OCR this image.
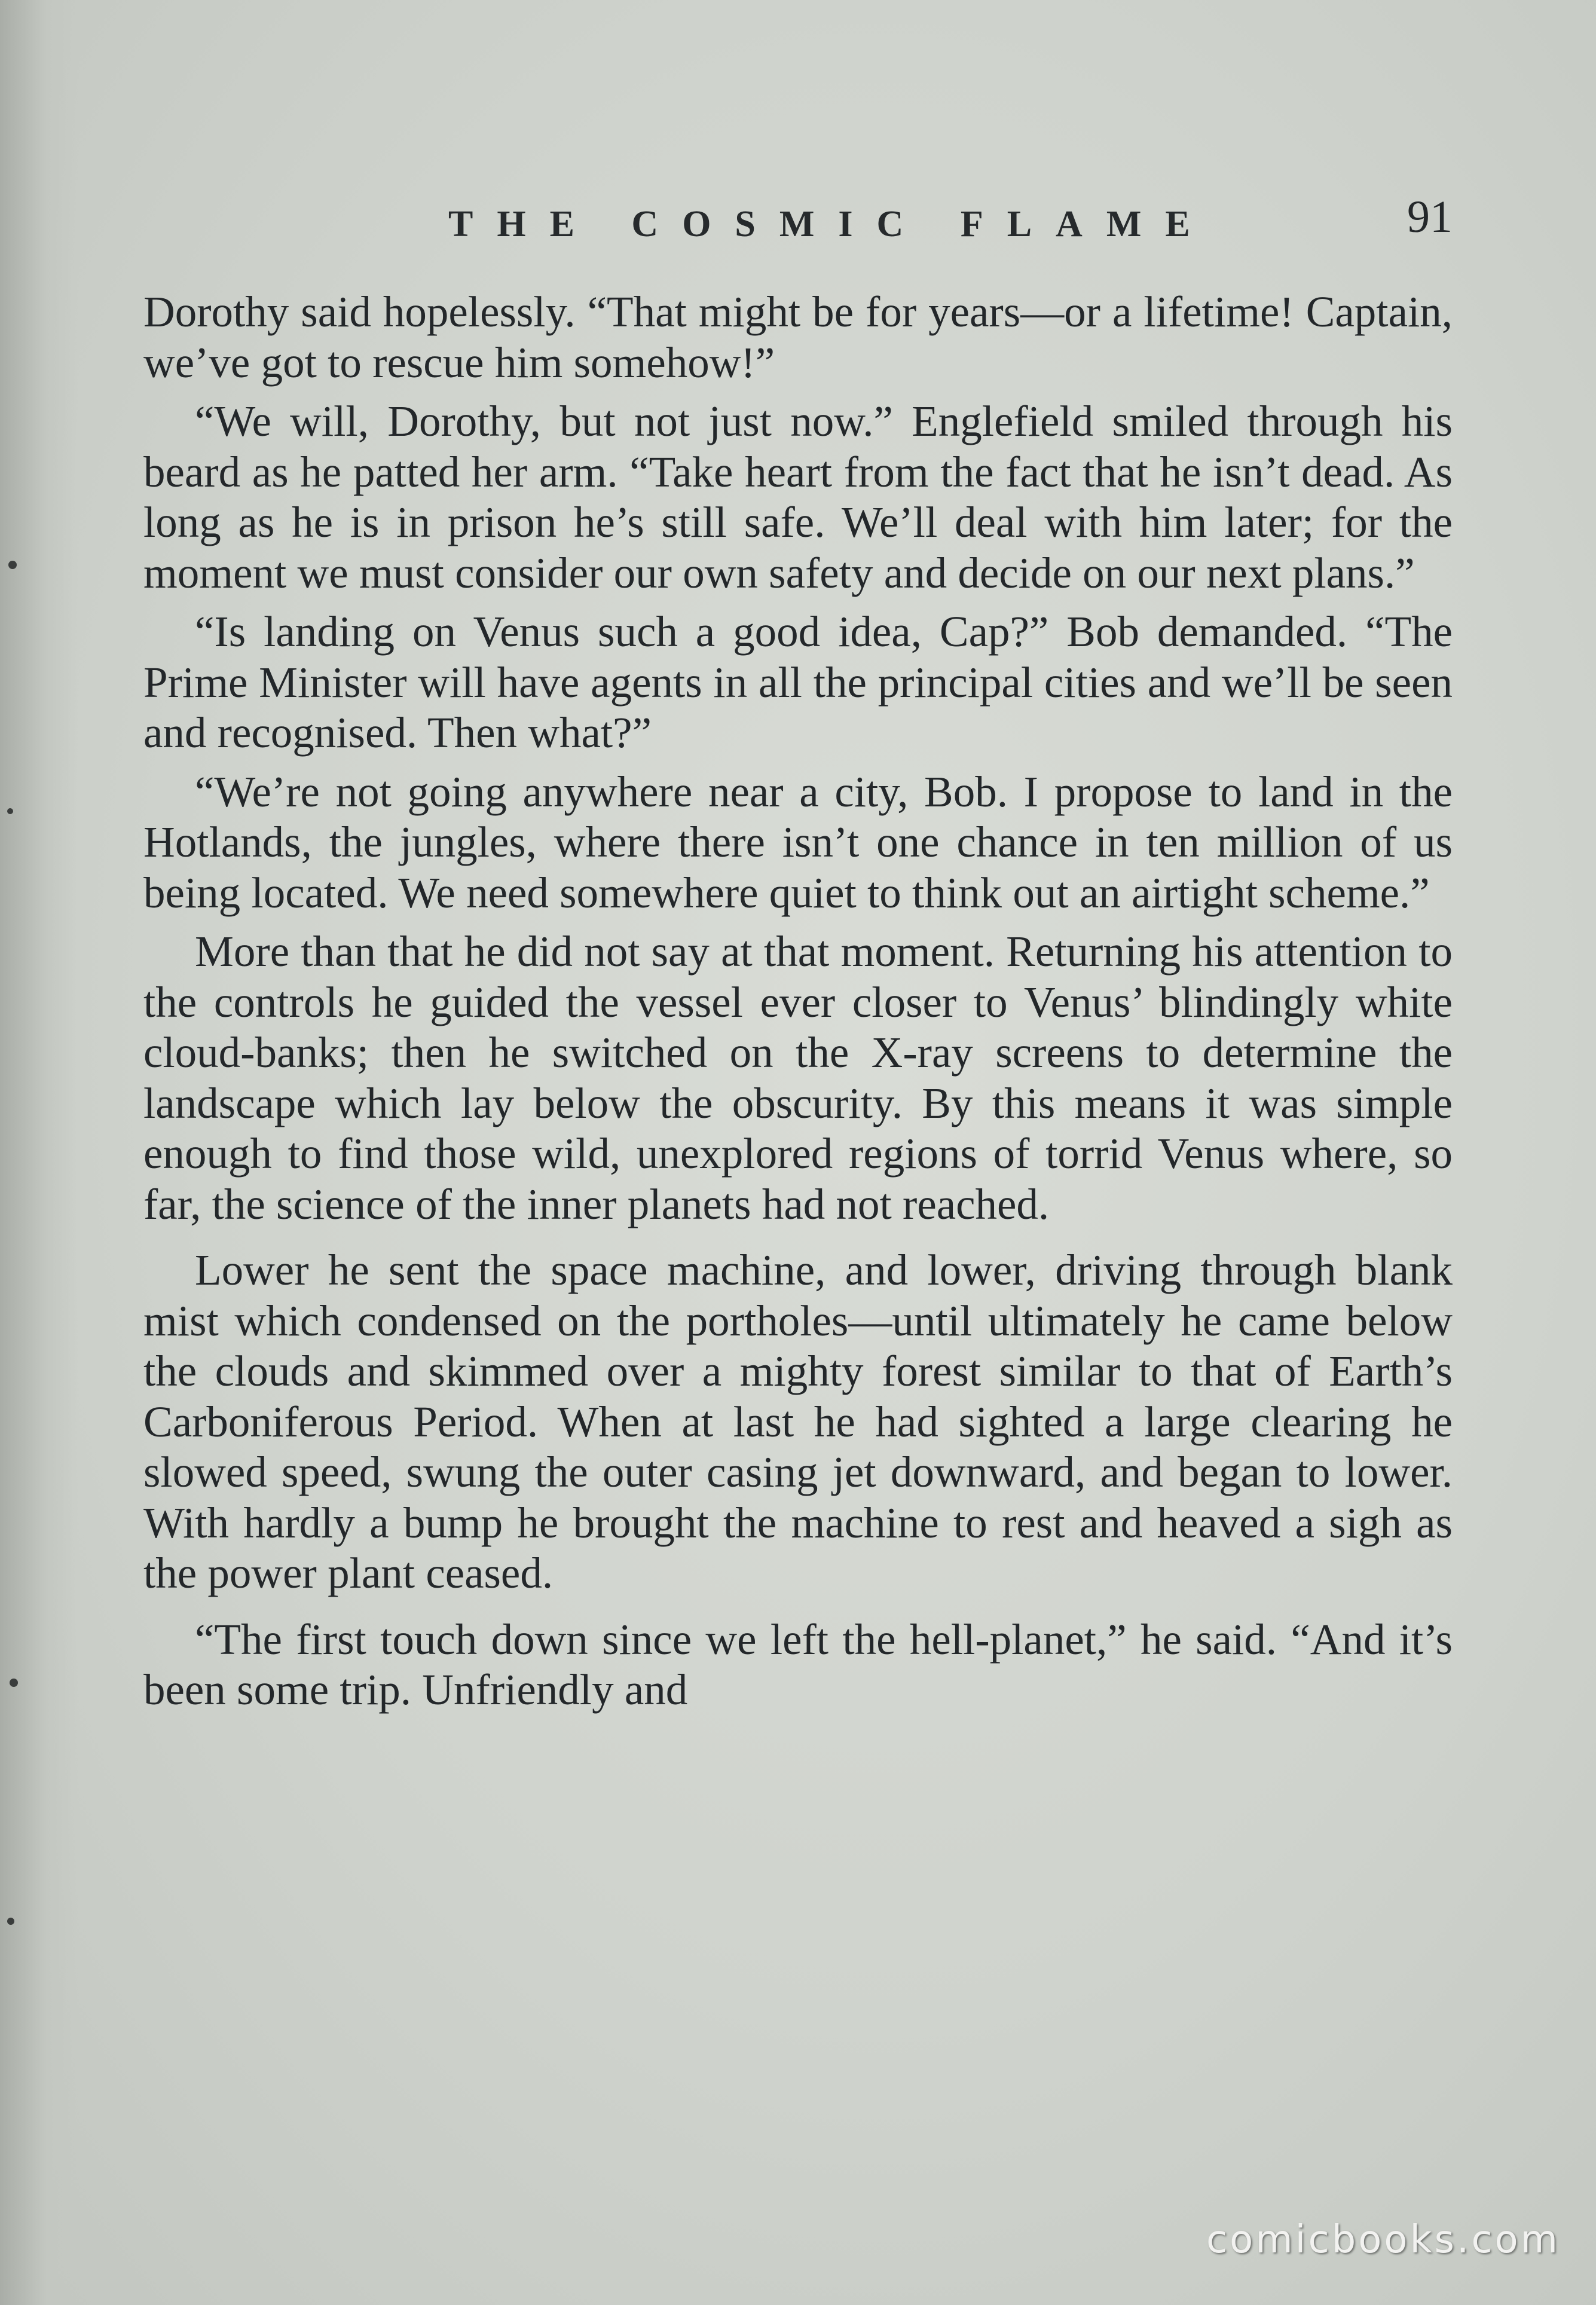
THE COSMIC FLAME	91

Dorothy said hopelessly. “That might be for years—or a lifetime! Captain, we’ve got to rescue him somehow!”

“We will, Dorothy, but not just now.” Englefield smiled through his beard as he patted her arm. “Take heart from the fact that he isn’t dead. As long as he is in prison he’s still safe. We’ll deal with him later; for the moment we must consider our own safety and decide on our next plans.”

“Is landing on Venus such a good idea, Cap?” Bob demanded. “The Prime Minister will have agents in all the principal cities and we’ll be seen and recognised. Then what?”

“We’re not going anywhere near a city, Bob. I propose to land in the Hotlands, the jungles, where there isn’t one chance in ten million of us being located. We need somewhere quiet to think out an airtight scheme.”

More than that he did not say at that moment. Returning his attention to the controls he guided the vessel ever closer to Venus’ blindingly white cloud-banks; then he switched on the X-ray screens to determine the landscape which lay below the obscurity. By this means it was simple enough to find those wild, unexplored regions of torrid Venus where, so far, the science of the inner planets had not reached.

Lower he sent the space machine, and lower, driving through blank mist which condensed on the portholes—until ultimately he came below the clouds and skimmed over a mighty forest similar to that of Earth’s Carboniferous Period. When at last he had sighted a large clearing he slowed speed, swung the outer casing jet downward, and began to lower. With hardly a bump he brought the machine to rest and heaved a sigh as the power plant ceased.

“The first touch down since we left the hell-planet,” he said. “And it’s been some trip. Unfriendly and

comicbooks.com
